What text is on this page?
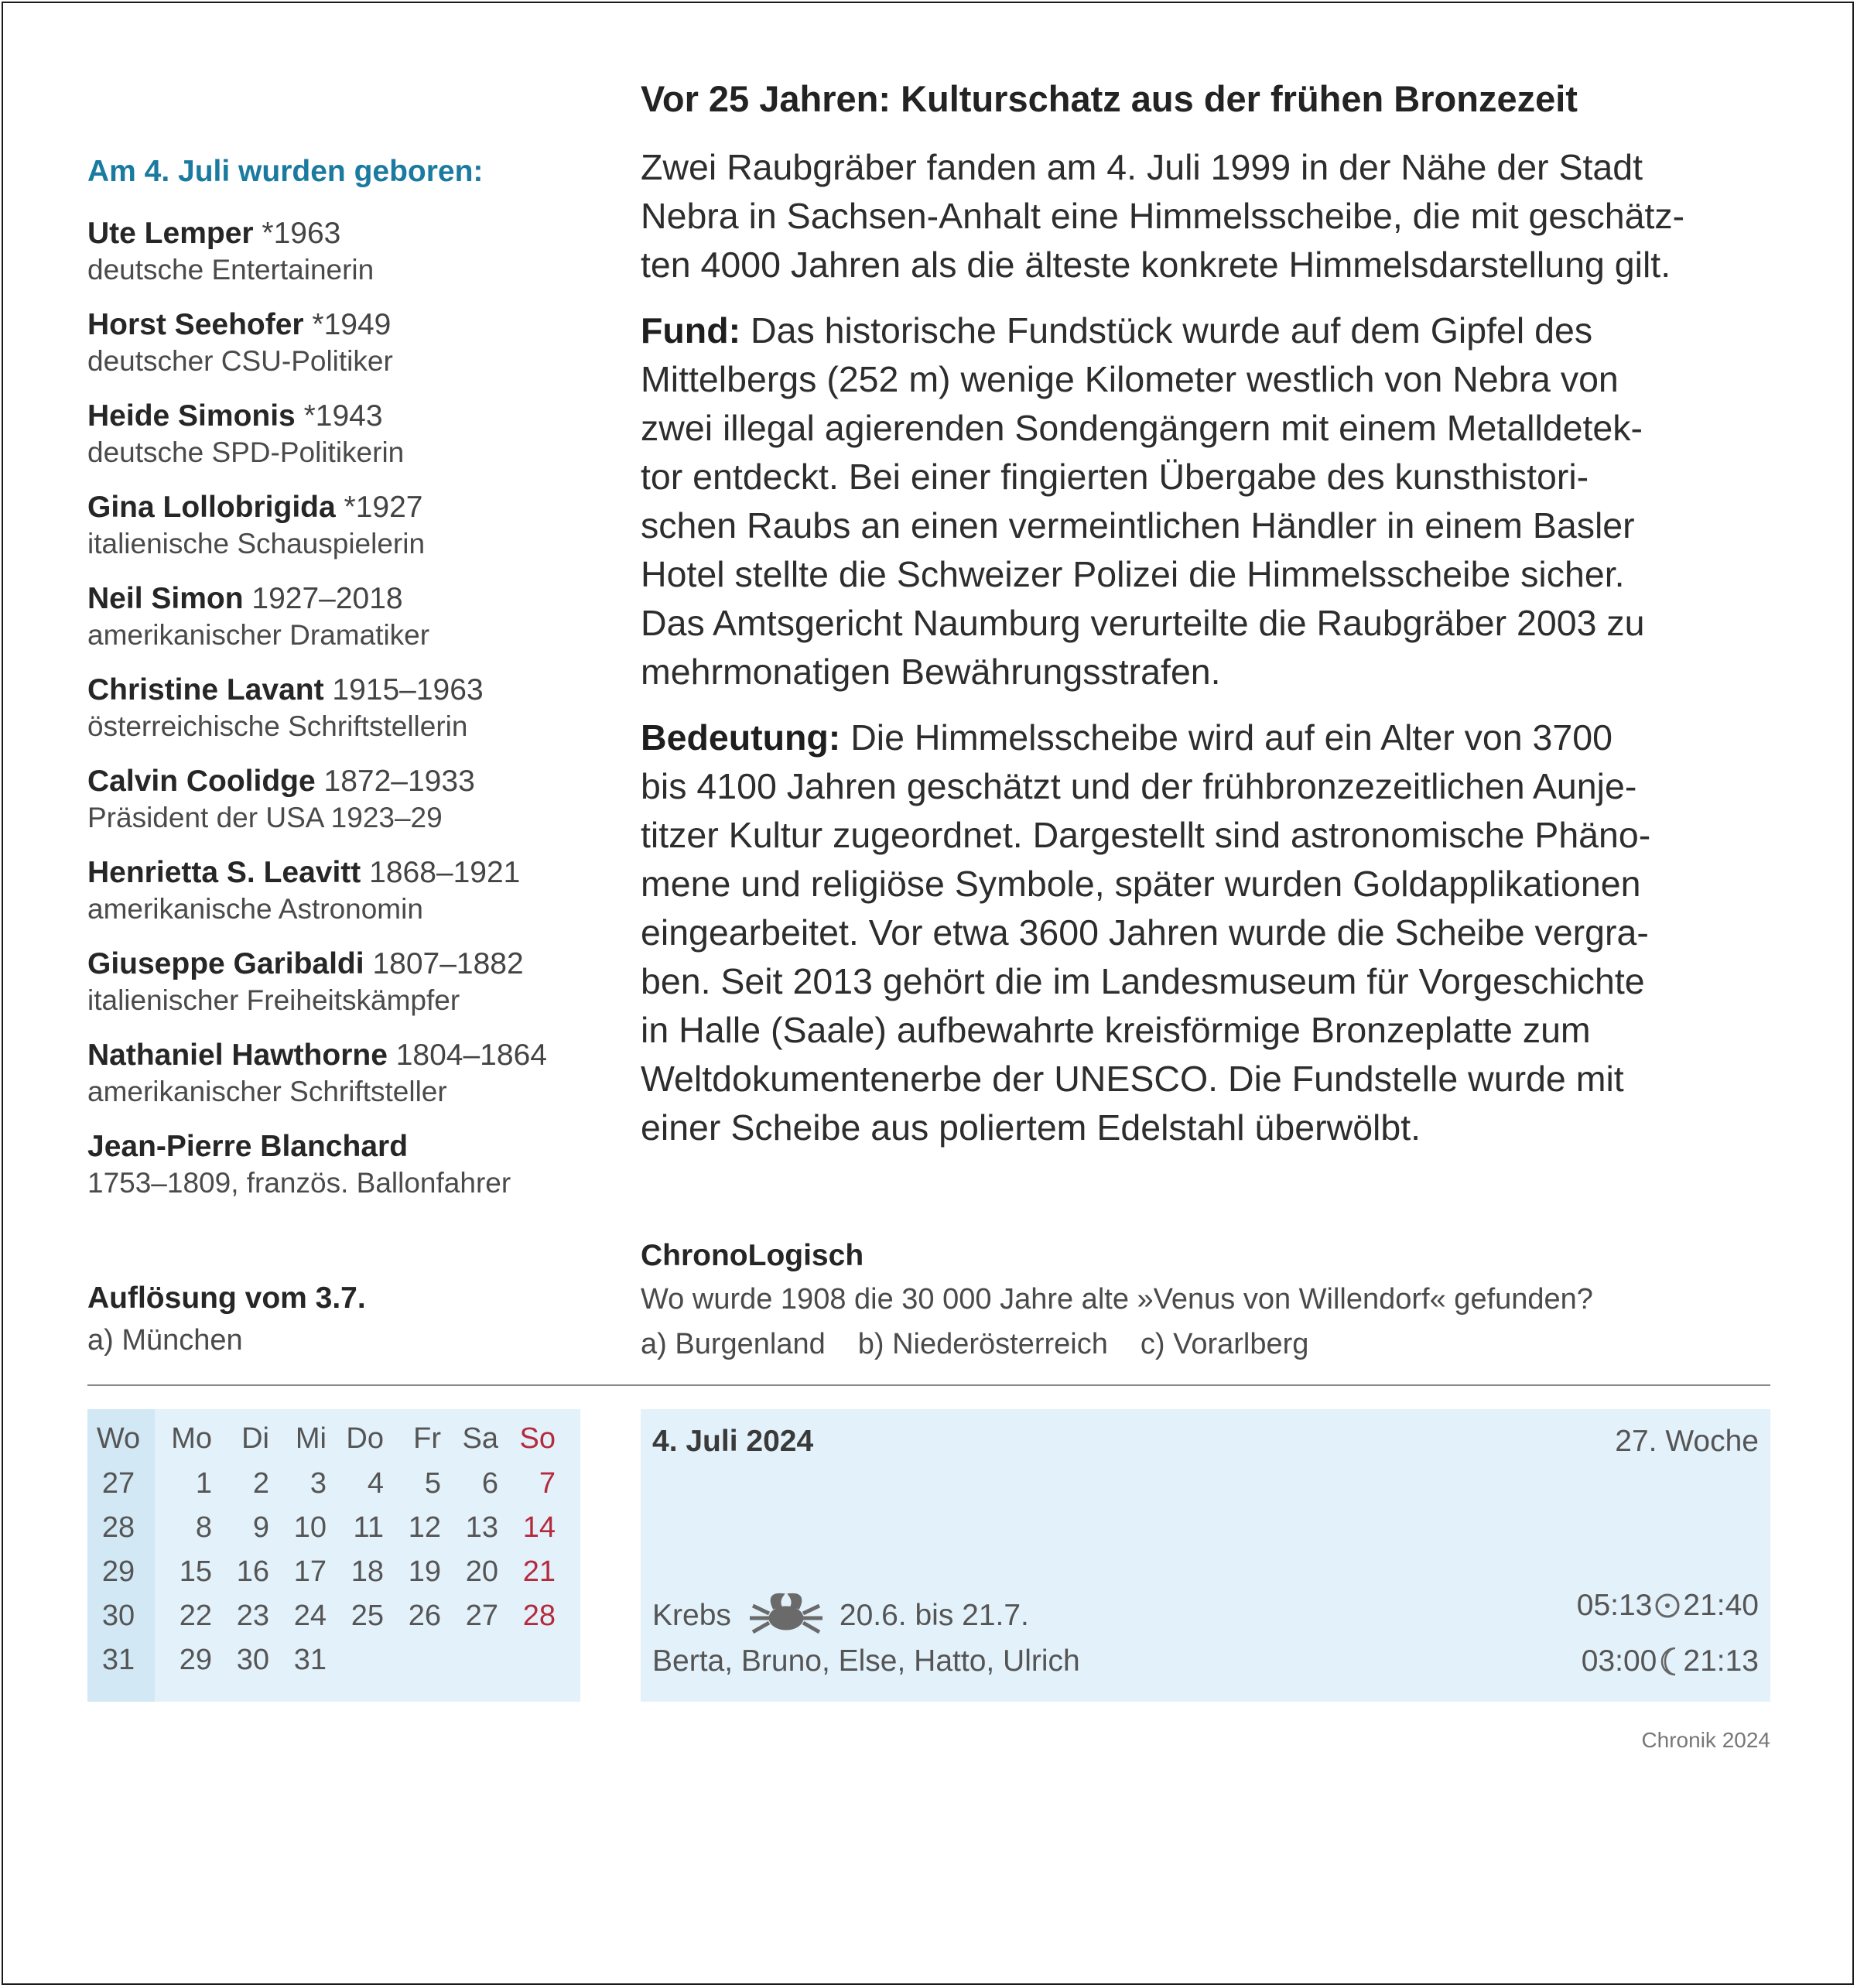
Am 4. Juli wurden geboren:
Ute Lemper *1963
deutsche Entertainerin
Horst Seehofer *1949
deutscher CSU-Politiker
Heide Simonis *1943
deutsche SPD-Politikerin
Gina Lollobrigida *1927
italienische Schauspielerin
Neil Simon 1927–2018
amerikanischer Dramatiker
Christine Lavant 1915–1963
österreichische Schriftstellerin
Calvin Coolidge 1872–1933
Präsident der USA 1923–29
Henrietta S. Leavitt 1868–1921
amerikanische Astronomin
Giuseppe Garibaldi 1807–1882
italienischer Freiheitskämpfer
Nathaniel Hawthorne 1804–1864
amerikanischer Schriftsteller
Jean-Pierre Blanchard
1753–1809, französ. Ballonfahrer
Vor 25 Jahren: Kulturschatz aus der frühen Bronzezeit

Zwei Raubgräber fanden am 4. Juli 1999 in der Nähe der Stadt
Nebra in Sachsen-Anhalt eine Himmelsscheibe, die mit geschätz-
ten 4000 Jahren als die älteste konkrete Himmelsdarstellung gilt.

Fund: Das historische Fundstück wurde auf dem Gipfel des
Mittelbergs (252 m) wenige Kilometer westlich von Nebra von
zwei illegal agierenden Sondengängern mit einem Metalldetek-
tor entdeckt. Bei einer fingierten Übergabe des kunsthistori-
schen Raubs an einen vermeintlichen Händler in einem Basler
Hotel stellte die Schweizer Polizei die Himmelsscheibe sicher.
Das Amtsgericht Naumburg verurteilte die Raubgräber 2003 zu
mehrmonatigen Bewährungsstrafen.

Bedeutung: Die Himmelsscheibe wird auf ein Alter von 3700
bis 4100 Jahren geschätzt und der frühbronzezeitlichen Aunje-
titzer Kultur zugeordnet. Dargestellt sind astronomische Phäno-
mene und religiöse Symbole, später wurden Goldapplikationen
eingearbeitet. Vor etwa 3600 Jahren wurde die Scheibe vergra-
ben. Seit 2013 gehört die im Landesmuseum für Vorgeschichte
in Halle (Saale) aufbewahrte kreisförmige Bronzeplatte zum
Weltdokumentenerbe der UNESCO. Die Fundstelle wurde mit
einer Scheibe aus poliertem Edelstahl überwölbt.

Auflösung vom 3.7.
a) München
ChronoLogisch
Wo wurde 1908 die 30 000 Jahre alte »Venus von Willendorf« gefunden?
a) Burgenland b) Niederösterreich c) Vorarlberg
Wo	Mo	Di	Mi	Do	Fr	Sa	So
27	1	2	3	4	5	6	7
28	8	9	10	11	12	13	14
29	15	16	17	18	19	20	21
30	22	23	24	25	26	27	28
31	29	30	31				
4. Juli 2024	27. Woche
Krebs	20.6. bis 21.7.
Berta, Bruno, Else, Hatto, Ulrich
05:13 21:40
03:00 21:13
Chronik 2024
